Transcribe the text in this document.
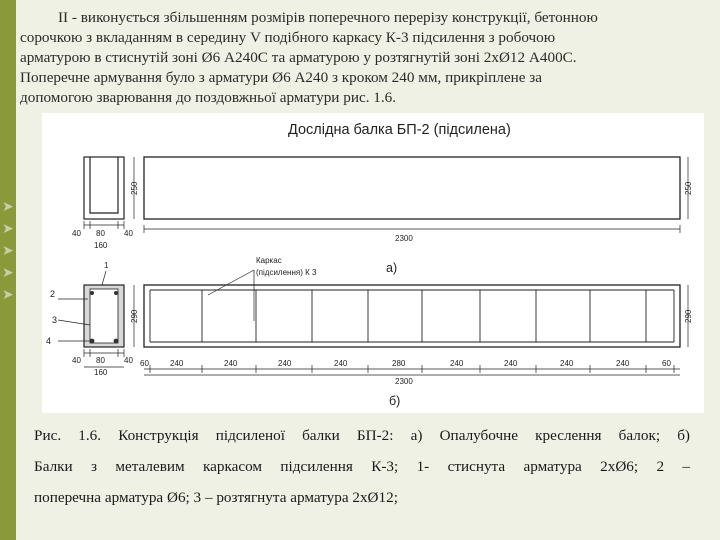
➤
➤
➤
➤
➤
II - виконується збільшенням розмірів поперечного перерізу конструкції, бетонною
сорочкою з вкладанням в середину V подібного каркасу К-3 підсилення з робочою
арматурою в стиснутій зоні Ø6 А240С та арматурою у розтягнутій зоні 2хØ12 А400С.
Поперечне армування було з арматури Ø6 А240 з кроком 240 мм, прикріплене за
допомогою зварювання до поздовжньої арматури рис. 1.6.
Дослідна балка БП-2 (підсилена)
250
40 80 40
160
250
2300
1
Каркас
(підсилення) К 3	а)
2
3
4
290
40 80 40
160
290
60	240	240	240	240	280	240	240	240	240	60
2300
б)
Рис. 1.6. Конструкція підсиленої балки БП-2: а) Опалубочне креслення балок; б)
Балки з металевим каркасом підсилення К-3; 1- стиснута арматура 2хØ6; 2 –
поперечна арматура Ø6; 3 – розтягнута арматура 2хØ12;
